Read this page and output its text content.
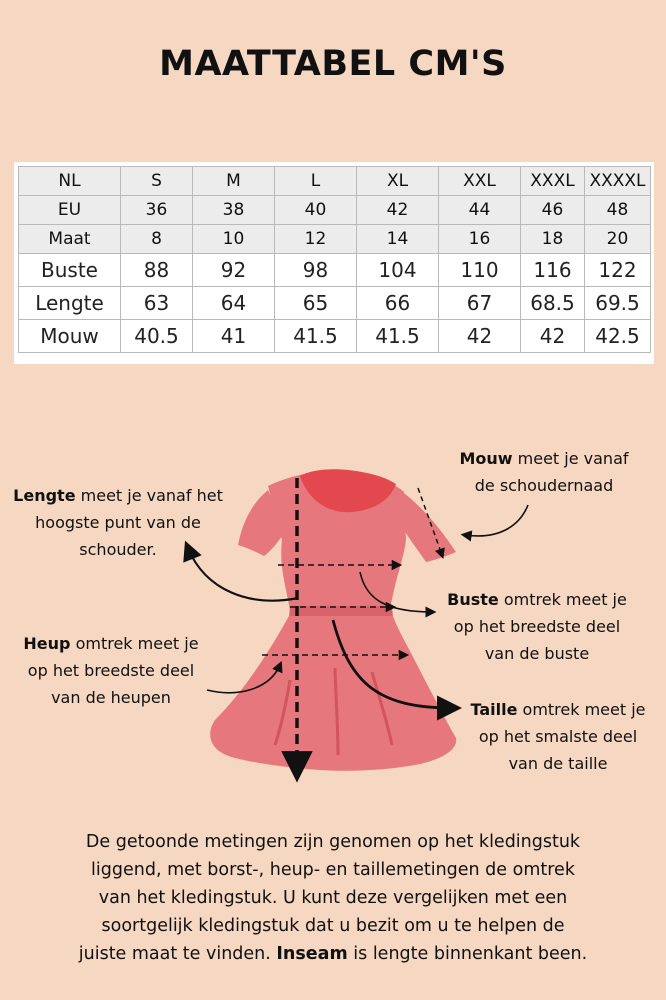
MAATTABEL CM'S
NL	S	M	L	XL	XXL	XXXL	XXXXL
EU	36	38	40	42	44	46	48
Maat	8	10	12	14	16	18	20
Buste	88	92	98	104	110	116	122
Lengte	63	64	65	66	67	68.5	69.5
Mouw	40.5	41	41.5	41.5	42	42	42.5
Lengte meet je vanaf het
hoogste punt van de
schouder.
Mouw meet je vanaf
de schoudernaad
Buste omtrek meet je
op het breedste deel
van de buste
Heup omtrek meet je
op het breedste deel
van de heupen
Taille omtrek meet je
op het smalste deel
van de taille
De getoonde metingen zijn genomen op het kledingstuk
liggend, met borst-, heup- en taillemetingen de omtrek
van het kledingstuk. U kunt deze vergelijken met een
soortgelijk kledingstuk dat u bezit om u te helpen de
juiste maat te vinden. Inseam is lengte binnenkant been.
